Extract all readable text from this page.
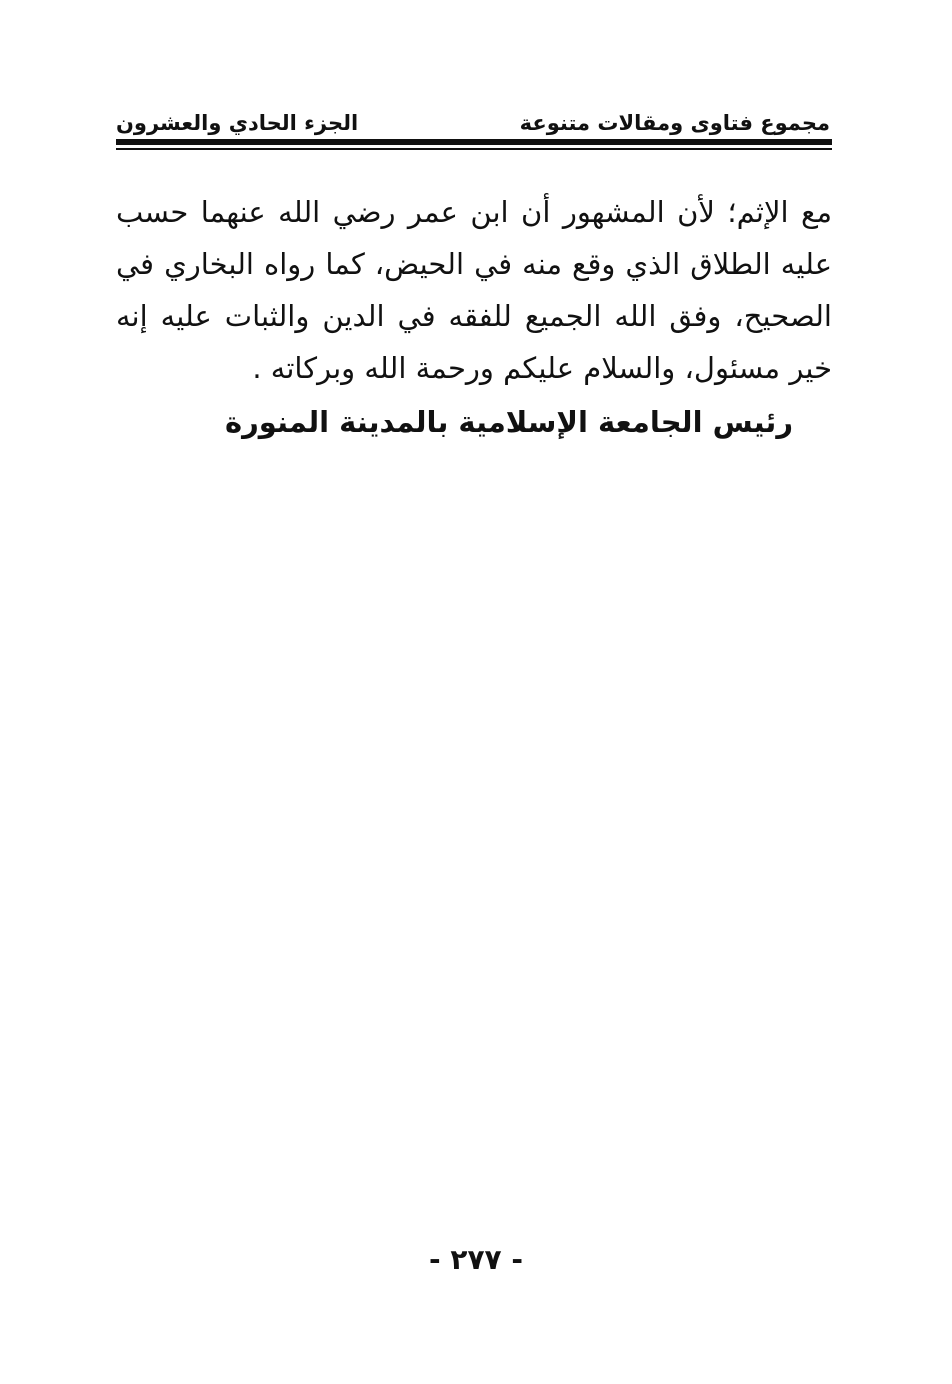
مجموع فتاوى ومقالات متنوعة
الجزء الحادي والعشرون

مع الإثم؛ لأن المشهور أن ابن عمر رضي الله عنهما حسب عليه الطلاق الذي وقع منه في الحيض، كما رواه البخاري في الصحيح، وفق الله الجميع للفقه في الدين والثبات عليه إنه خير مسئول، والسلام عليكم ورحمة الله وبركاته .

رئيس الجامعة الإسلامية بالمدينة المنورة
- ٢٧٧ -
